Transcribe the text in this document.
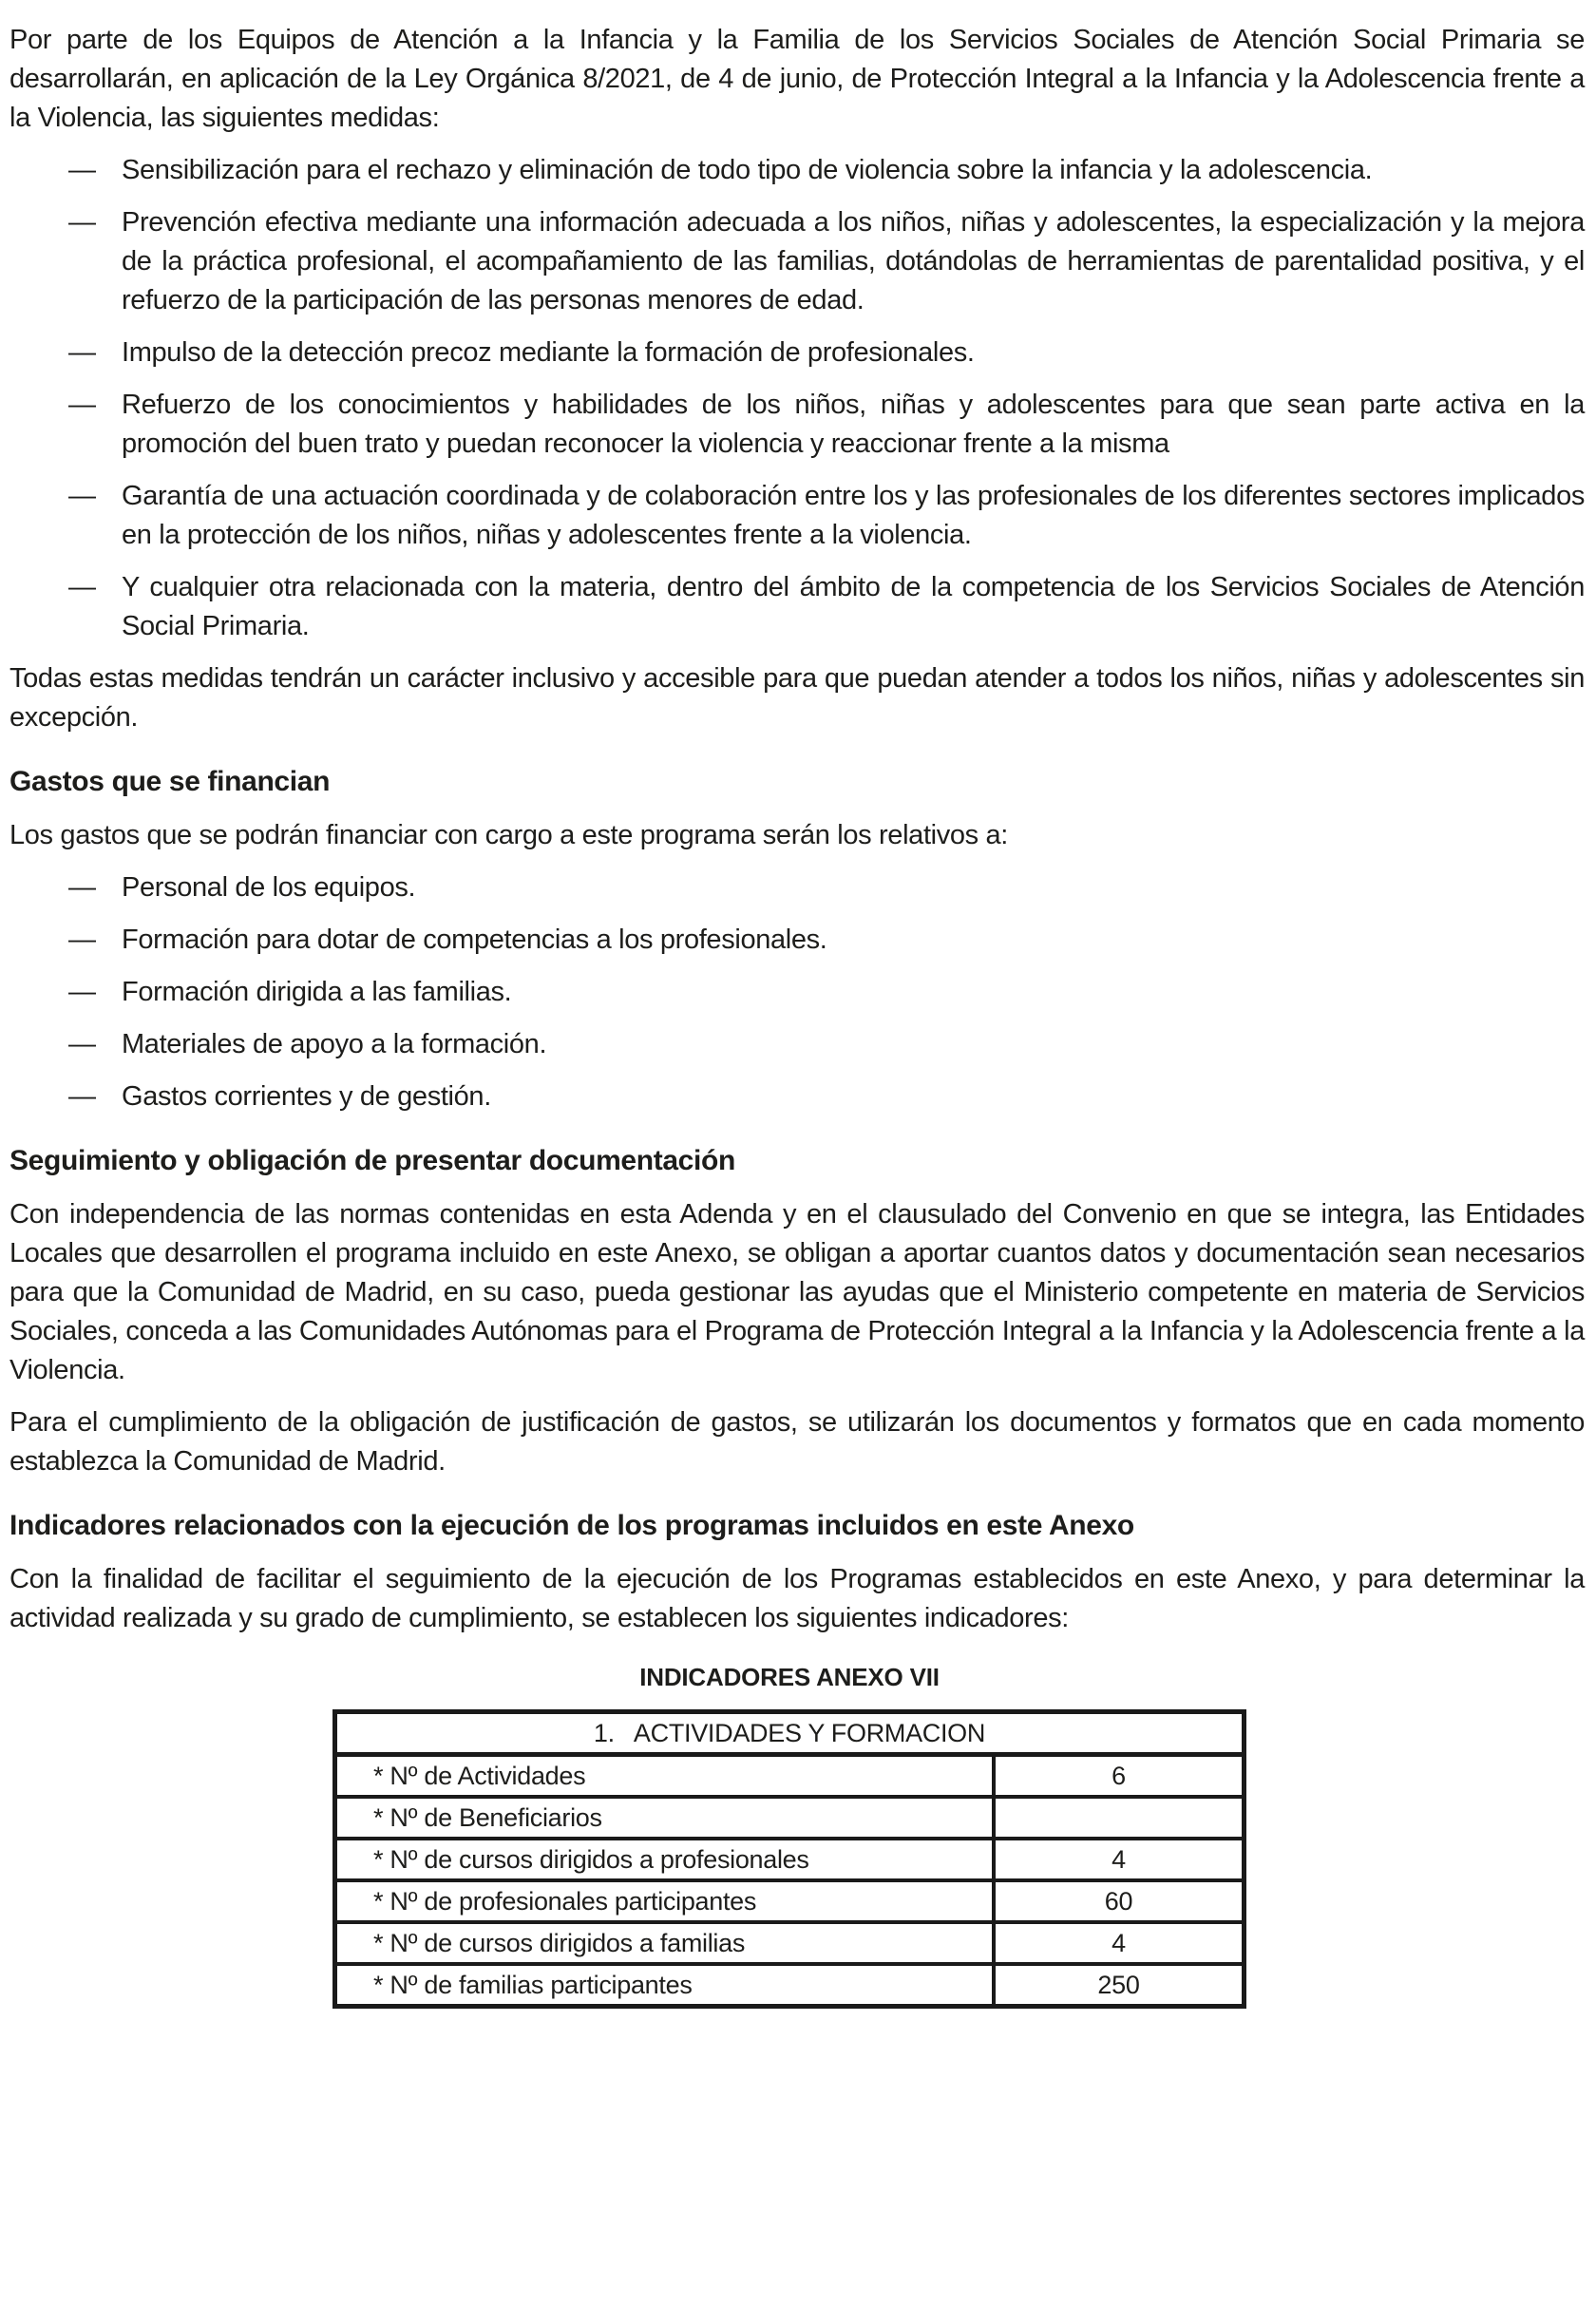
Por parte de los Equipos de Atención a la Infancia y la Familia de los Servicios Sociales de Atención Social Primaria se desarrollarán, en aplicación de la Ley Orgánica 8/2021, de 4 de junio, de Protección Integral a la Infancia y la Adolescencia frente a la Violencia, las siguientes medidas:

— Sensibilización para el rechazo y eliminación de todo tipo de violencia sobre la infancia y la adolescencia.
— Prevención efectiva mediante una información adecuada a los niños, niñas y adolescentes, la especialización y la mejora de la práctica profesional, el acompañamiento de las familias, dotándolas de herramientas de parentalidad positiva, y el refuerzo de la participación de las personas menores de edad.
— Impulso de la detección precoz mediante la formación de profesionales.
— Refuerzo de los conocimientos y habilidades de los niños, niñas y adolescentes para que sean parte activa en la promoción del buen trato y puedan reconocer la violencia y reaccionar frente a la misma
— Garantía de una actuación coordinada y de colaboración entre los y las profesionales de los diferentes sectores implicados en la protección de los niños, niñas y adolescentes frente a la violencia.
— Y cualquier otra relacionada con la materia, dentro del ámbito de la competencia de los Servicios Sociales de Atención Social Primaria.

Todas estas medidas tendrán un carácter inclusivo y accesible para que puedan atender a todos los niños, niñas y adolescentes sin excepción.

Gastos que se financian

Los gastos que se podrán financiar con cargo a este programa serán los relativos a:

— Personal de los equipos.
— Formación para dotar de competencias a los profesionales.
— Formación dirigida a las familias.
— Materiales de apoyo a la formación.
— Gastos corrientes y de gestión.
Seguimiento y obligación de presentar documentación

Con independencia de las normas contenidas en esta Adenda y en el clausulado del Convenio en que se integra, las Entidades Locales que desarrollen el programa incluido en este Anexo, se obligan a aportar cuantos datos y documentación sean necesarios para que la Comunidad de Madrid, en su caso, pueda gestionar las ayudas que el Ministerio competente en materia de Servicios Sociales, conceda a las Comunidades Autónomas para el Programa de Protección Integral a la Infancia y la Adolescencia frente a la Violencia.

Para el cumplimiento de la obligación de justificación de gastos, se utilizarán los documentos y formatos que en cada momento establezca la Comunidad de Madrid.

Indicadores relacionados con la ejecución de los programas incluidos en este Anexo

Con la finalidad de facilitar el seguimiento de la ejecución de los Programas establecidos en este Anexo, y para determinar la actividad realizada y su grado de cumplimiento, se establecen los siguientes indicadores:

INDICADORES ANEXO VII
1.   ACTIVIDADES Y FORMACION	
* Nº de Actividades	6
* Nº de Beneficiarios	
* Nº de cursos dirigidos a profesionales	4
* Nº de profesionales participantes	60
* Nº de cursos dirigidos a familias	4
* Nº de familias participantes	250
